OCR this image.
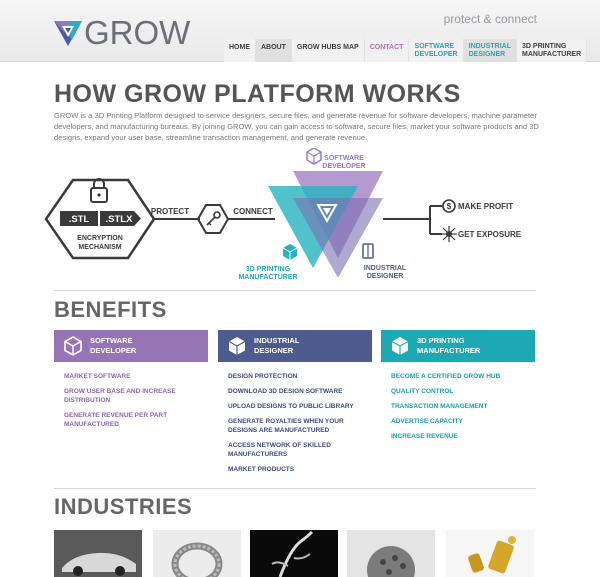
GROW	protect & connect
HOME	ABOUT	GROW HUBS MAP	CONTACT	SOFTWARE
DEVELOPER
INDUSTRIAL
DESIGNER
3D PRINTING
MANUFACTURER
HOW GROW PLATFORM WORKS

GROW is a 3D Printing Platform designed to service designers, secure files, and generate revenue for software developers, machine parameter developers, and manufacturing bureaus. By joining GROW, you can gain access to software, secure files, market your software products and 3D designs, expand your user base, streamline transaction management, and generate revenue.

.STL .STLX
ENCRYPTION
MECHANISM
PROTECT	CONNECT
SOFTWARE
DEVELOPER
3D PRINTING
MANUFACTURER
INDUSTRIAL
DESIGNER
$ MAKE PROFIT
GET EXPOSURE
BENEFITS
SOFTWARE
DEVELOPER
INDUSTRIAL
DESIGNER
3D PRINTING
MANUFACTURER
MARKET SOFTWARE
GROW USER BASE AND INCREASE
DISTRIBUTION
GENERATE REVENUE PER PART
MANUFACTURED
DESIGN PROTECTION
DOWNLOAD 3D DESIGN SOFTWARE
UPLOAD DESIGNS TO PUBLIC LIBRARY
GENERATE ROYALTIES WHEN YOUR
DESIGNS ARE MANUFACTURED
ACCESS NETWORK OF SKILLED
MANUFACTURERS
MARKET PRODUCTS
BECOME A CERTIFIED GROW HUB
QUALITY CONTROL
TRANSACTION MANAGEMENT
ADVERTISE CAPACITY
INCREASE REVENUE
INDUSTRIES
